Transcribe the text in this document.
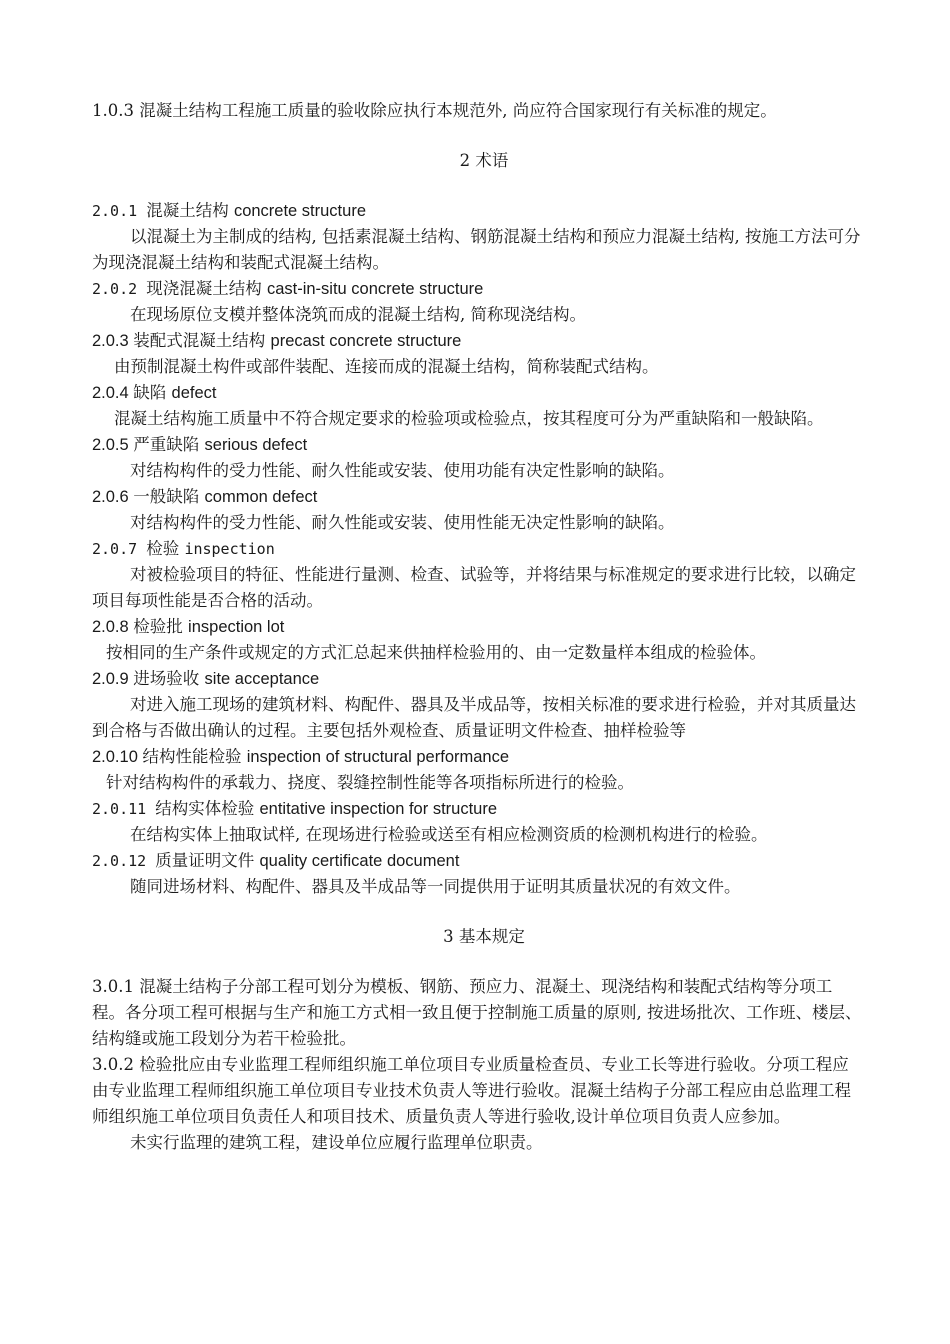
1.0.3 混凝土结构工程施工质量的验收除应执行本规范外, 尚应符合国家现行有关标准的规定。

2 术语

2.0.1 混凝土结构 concrete structure

以混凝土为主制成的结构, 包括素混凝土结构、钢筋混凝土结构和预应力混凝土结构, 按施工方法可分为现浇混凝土结构和装配式混凝土结构。

2.0.2 现浇混凝土结构 cast-in-situ concrete structure

在现场原位支模并整体浇筑而成的混凝土结构, 简称现浇结构。

2.0.3 装配式混凝土结构 precast concrete structure

由预制混凝土构件或部件装配、连接而成的混凝土结构，简称装配式结构。

2.0.4 缺陷 defect

混凝土结构施工质量中不符合规定要求的检验项或检验点，按其程度可分为严重缺陷和一般缺陷。

2.0.5 严重缺陷 serious defect

对结构构件的受力性能、耐久性能或安装、使用功能有决定性影响的缺陷。

2.0.6 一般缺陷 common defect

对结构构件的受力性能、耐久性能或安装、使用性能无决定性影响的缺陷。

2.0.7 检验 inspection

对被检验项目的特征、性能进行量测、检查、试验等，并将结果与标准规定的要求进行比较，以确定项目每项性能是否合格的活动。

2.0.8 检验批 inspection lot

按相同的生产条件或规定的方式汇总起来供抽样检验用的、由一定数量样本组成的检验体。

2.0.9 进场验收 site acceptance

对进入施工现场的建筑材料、构配件、器具及半成品等，按相关标准的要求进行检验，并对其质量达到合格与否做出确认的过程。主要包括外观检查、质量证明文件检查、抽样检验等

2.0.10 结构性能检验 inspection of structural performance

针对结构构件的承载力、挠度、裂缝控制性能等各项指标所进行的检验。

2.0.11 结构实体检验 entitative inspection for structure

在结构实体上抽取试样, 在现场进行检验或送至有相应检测资质的检测机构进行的检验。

2.0.12 质量证明文件 quality certificate document

随同进场材料、构配件、器具及半成品等一同提供用于证明其质量状况的有效文件。

3 基本规定

3.0.1 混凝土结构子分部工程可划分为模板、钢筋、预应力、混凝土、现浇结构和装配式结构等分项工程。各分项工程可根据与生产和施工方式相一致且便于控制施工质量的原则, 按进场批次、工作班、楼层、结构缝或施工段划分为若干检验批。

3.0.2 检验批应由专业监理工程师组织施工单位项目专业质量检查员、专业工长等进行验收。分项工程应由专业监理工程师组织施工单位项目专业技术负责人等进行验收。混凝土结构子分部工程应由总监理工程师组织施工单位项目负责任人和项目技术、质量负责人等进行验收,设计单位项目负责人应参加。

未实行监理的建筑工程，建设单位应履行监理单位职责。
